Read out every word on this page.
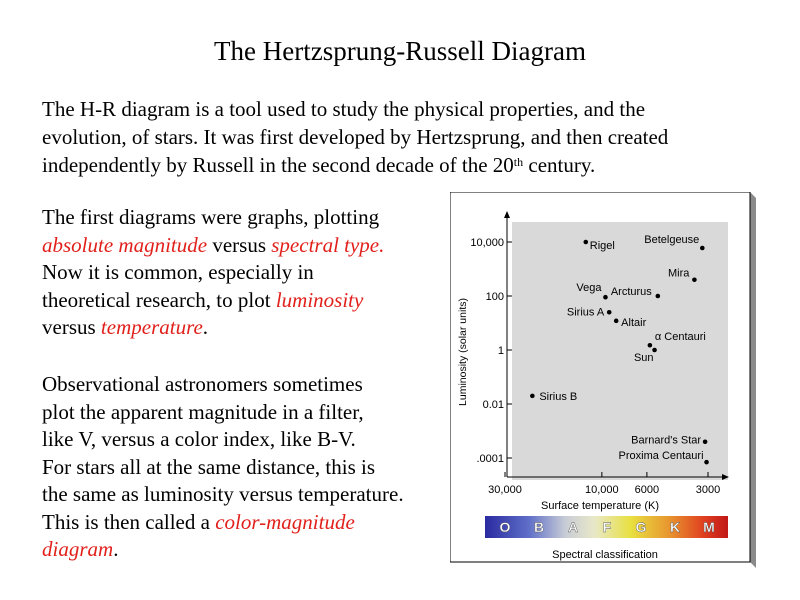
The Hertzsprung-Russell Diagram
The H-R diagram is a tool used to study the physical properties, and the
evolution, of stars. It was first developed by Hertzsprung, and then created
independently by Russell in the second decade of the 20th century.
The first diagrams were graphs, plotting
absolute magnitude versus spectral type.
Now it is common, especially in
theoretical research, to plot luminosity
versus temperature.
Observational astronomers sometimes
plot the apparent magnitude in a filter,
like V, versus a color index, like B-V.
For stars all at the same distance, this is
the same as luminosity versus temperature.
This is then called a color-magnitude
diagram.
10,000
100
1
0.01
.0001
30,000	10,000 6000	3000
Rigel
Betelgeuse
Mira
Arcturus
Vega
Sirius A
Altair
α Centauri
Sun
Sirius B
Barnard's Star
Proxima Centauri
Luminosity (solar units)
Surface temperature (K)
O B A F G K M
Spectral classification
